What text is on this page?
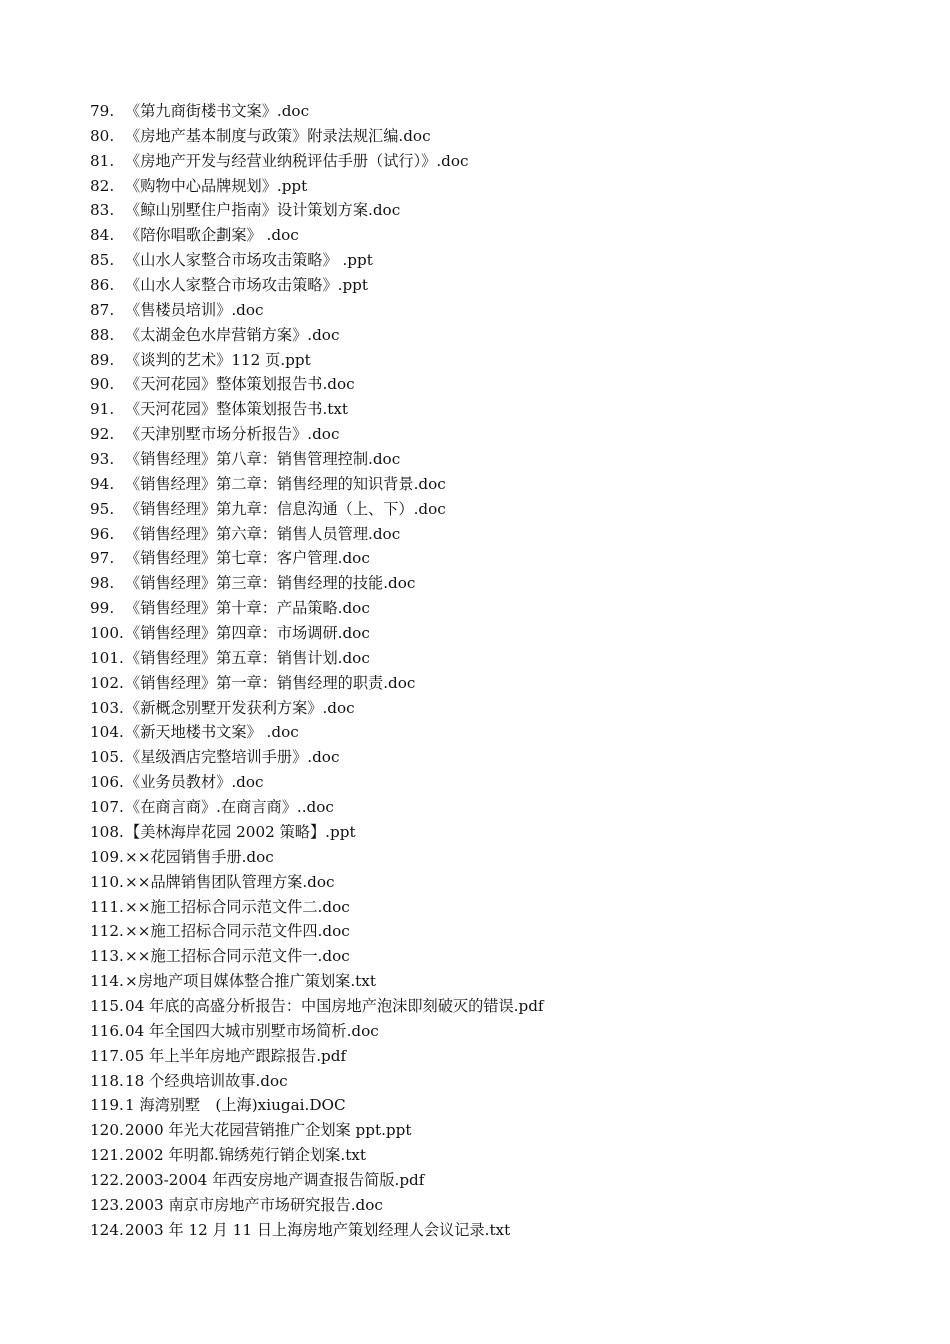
79. 《第九商街楼书文案》.doc
80. 《房地产基本制度与政策》附录法规汇编.doc
81. 《房地产开发与经营业纳税评估手册（试行）》.doc
82. 《购物中心品牌规划》.ppt
83. 《鲸山别墅住户指南》设计策划方案.doc
84. 《陪你唱歌企劃案》 .doc
85. 《山水人家整合市场攻击策略》 .ppt
86. 《山水人家整合市场攻击策略》.ppt
87. 《售楼员培训》.doc
88. 《太湖金色水岸营销方案》.doc
89. 《谈判的艺术》112 页.ppt
90. 《天河花园》整体策划报告书.doc
91. 《天河花园》整体策划报告书.txt
92. 《天津别墅市场分析报告》.doc
93. 《销售经理》第八章：销售管理控制.doc
94. 《销售经理》第二章：销售经理的知识背景.doc
95. 《销售经理》第九章：信息沟通（上、下）.doc
96. 《销售经理》第六章：销售人员管理.doc
97. 《销售经理》第七章：客户管理.doc
98. 《销售经理》第三章：销售经理的技能.doc
99. 《销售经理》第十章：产品策略.doc
100. 《销售经理》第四章：市场调研.doc
101. 《销售经理》第五章：销售计划.doc
102. 《销售经理》第一章：销售经理的职责.doc
103. 《新概念别墅开发获利方案》.doc
104. 《新天地楼书文案》 .doc
105. 《星级酒店完整培训手册》.doc
106. 《业务员教材》.doc
107. 《在商言商》.在商言商》..doc
108. 【美林海岸花园 2002 策略】.ppt
109. ××花园销售手册.doc
110. ××品牌销售团队管理方案.doc
111. ××施工招标合同示范文件二.doc
112. ××施工招标合同示范文件四.doc
113. ××施工招标合同示范文件一.doc
114. ×房地产项目媒体整合推广策划案.txt
115. 04 年底的高盛分析报告：中国房地产泡沫即刻破灭的错误.pdf
116. 04 年全国四大城市别墅市场简析.doc
117. 05 年上半年房地产跟踪报告.pdf
118. 18 个经典培训故事.doc
119. 1 海湾别墅　(上海)xiugai.DOC
120. 2000 年光大花园营销推广企划案 ppt.ppt
121. 2002 年明都.锦绣苑行销企划案.txt
122. 2003-2004 年西安房地产调查报告简版.pdf
123. 2003 南京市房地产市场研究报告.doc
124. 2003 年 12 月 11 日上海房地产策划经理人会议记录.txt
